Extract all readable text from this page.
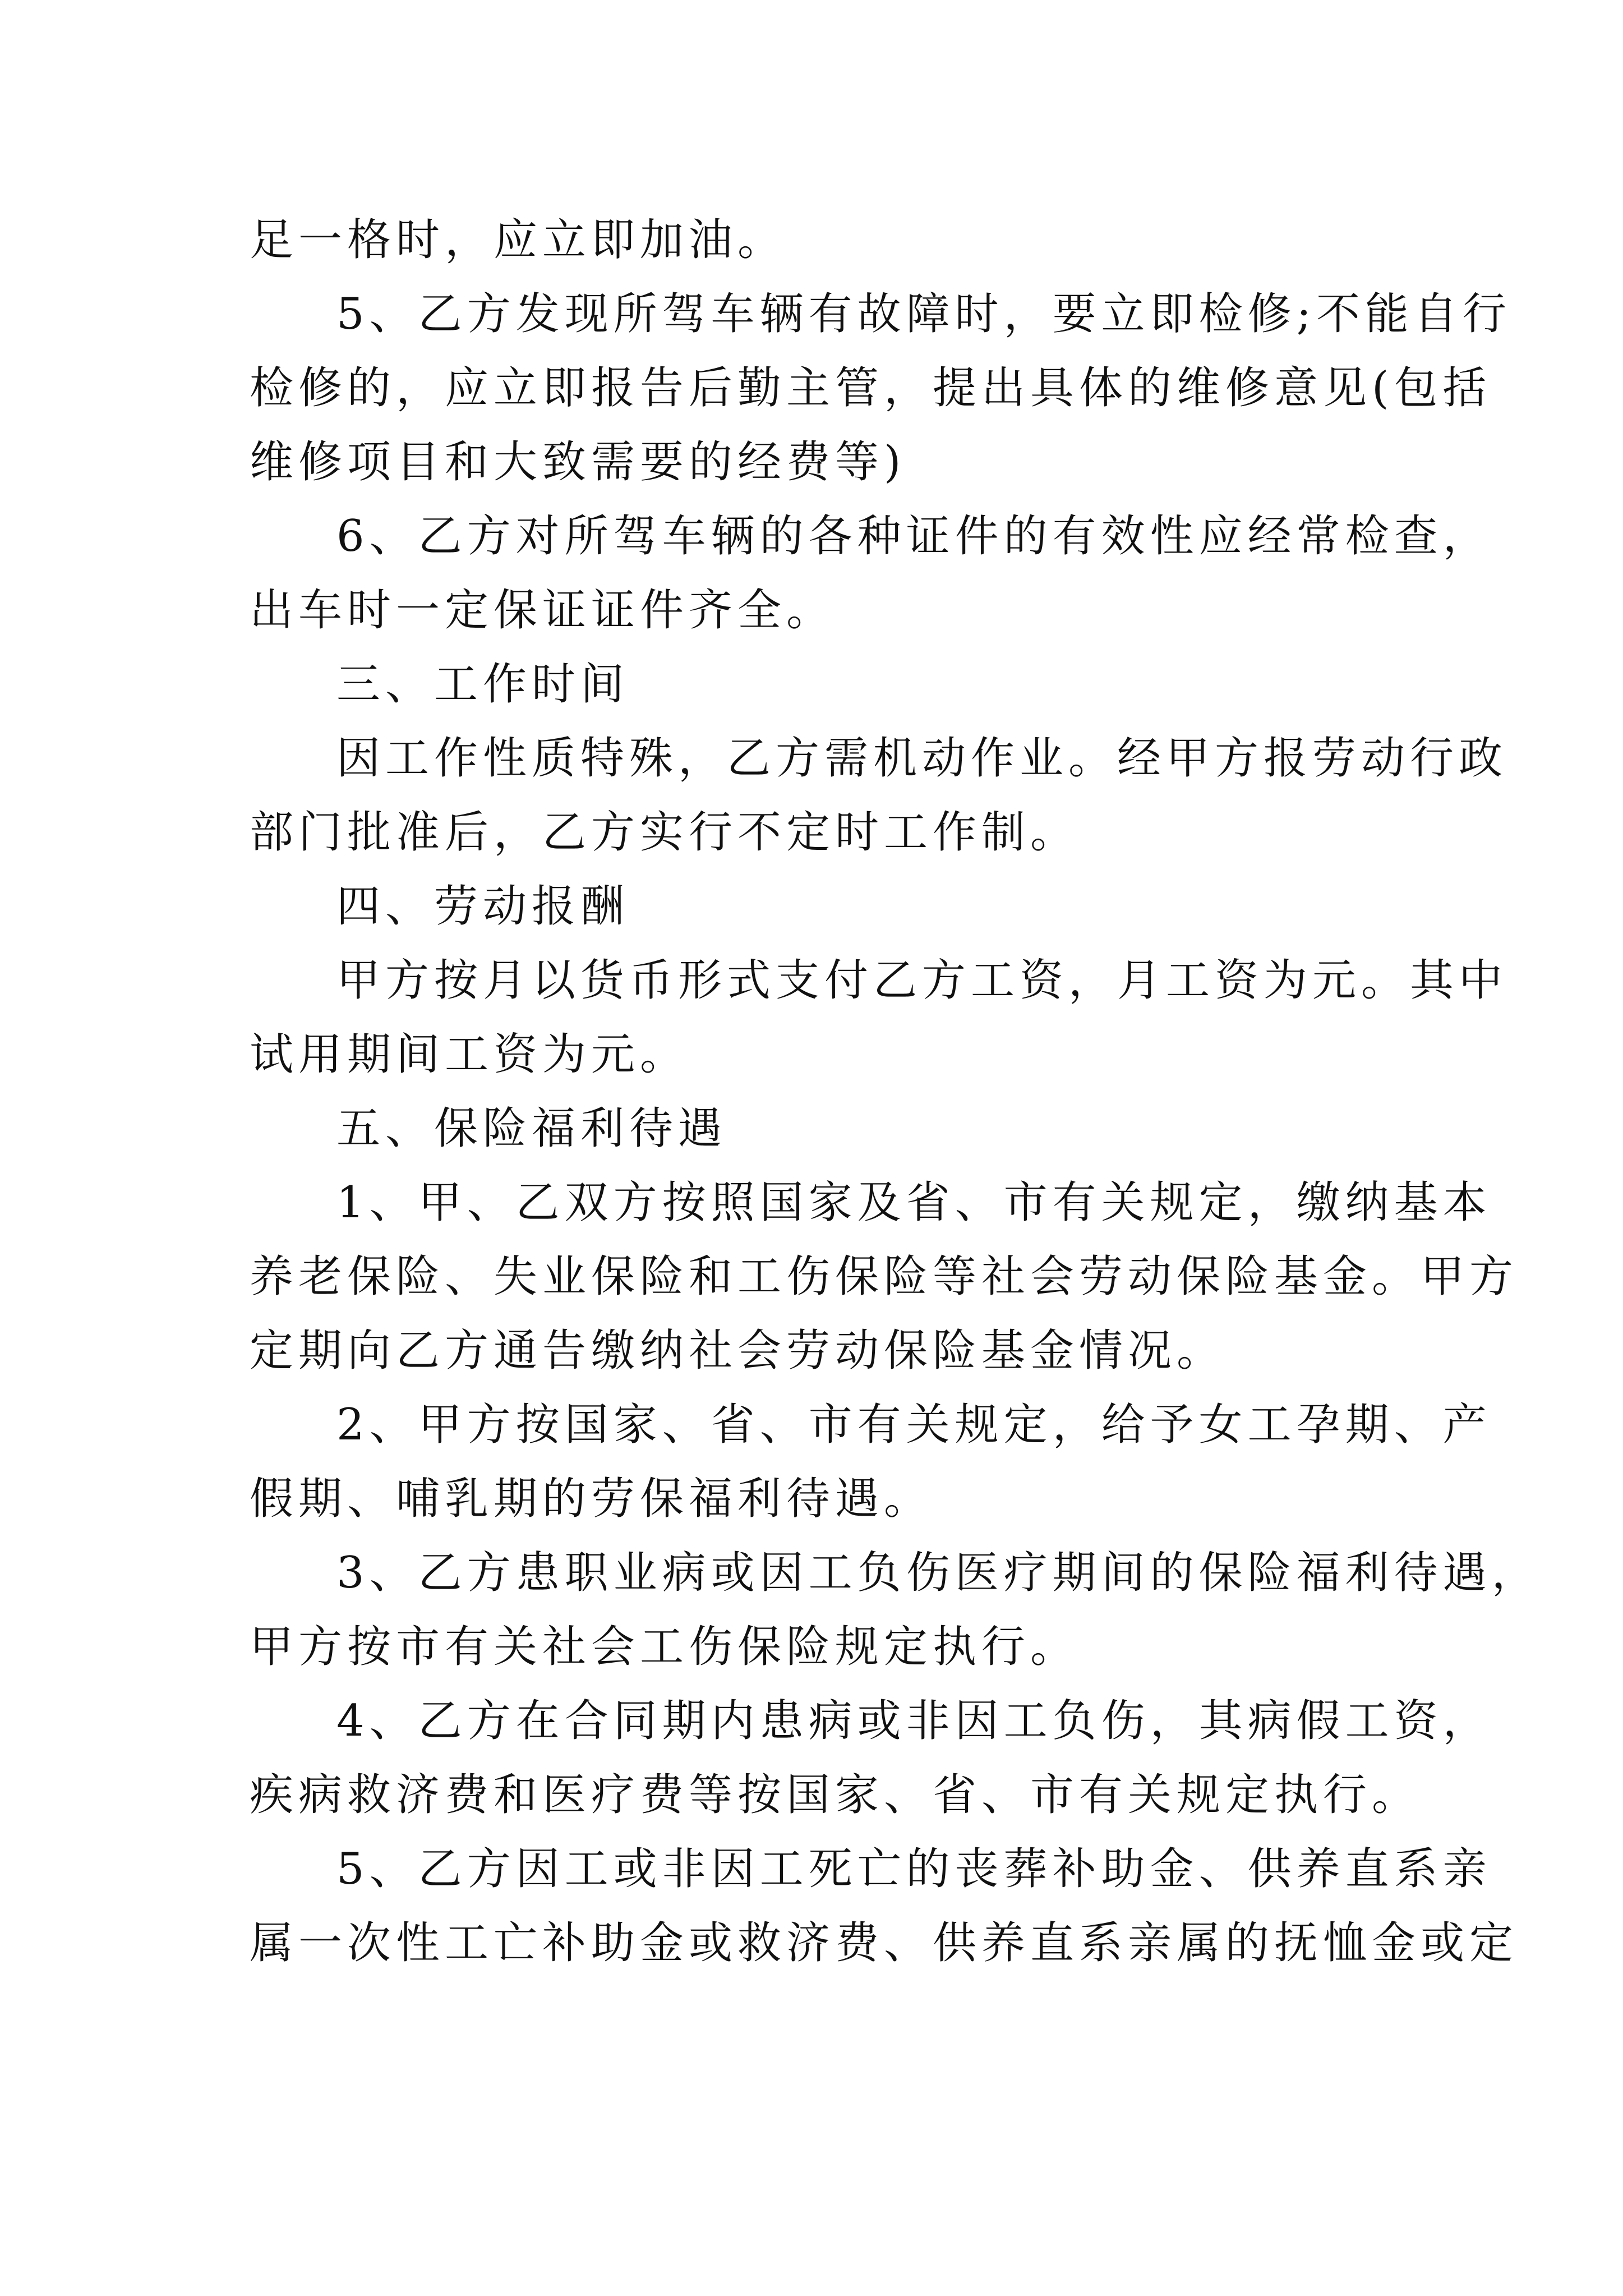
足一格时，应立即加油。

5、乙方发现所驾车辆有故障时，要立即检修;不能自行

检修的，应立即报告后勤主管，提出具体的维修意见(包括

维修项目和大致需要的经费等)

6、乙方对所驾车辆的各种证件的有效性应经常检查，

出车时一定保证证件齐全。

三、工作时间

因工作性质特殊，乙方需机动作业。经甲方报劳动行政

部门批准后，乙方实行不定时工作制。

四、劳动报酬

甲方按月以货币形式支付乙方工资，月工资为元。其中

试用期间工资为元。

五、保险福利待遇

1、甲、乙双方按照国家及省、市有关规定，缴纳基本

养老保险、失业保险和工伤保险等社会劳动保险基金。甲方

定期向乙方通告缴纳社会劳动保险基金情况。

2、甲方按国家、省、市有关规定，给予女工孕期、产

假期、哺乳期的劳保福利待遇。

3、乙方患职业病或因工负伤医疗期间的保险福利待遇，

甲方按市有关社会工伤保险规定执行。

4、乙方在合同期内患病或非因工负伤，其病假工资，

疾病救济费和医疗费等按国家、省、市有关规定执行。

5、乙方因工或非因工死亡的丧葬补助金、供养直系亲

属一次性工亡补助金或救济费、供养直系亲属的抚恤金或定
